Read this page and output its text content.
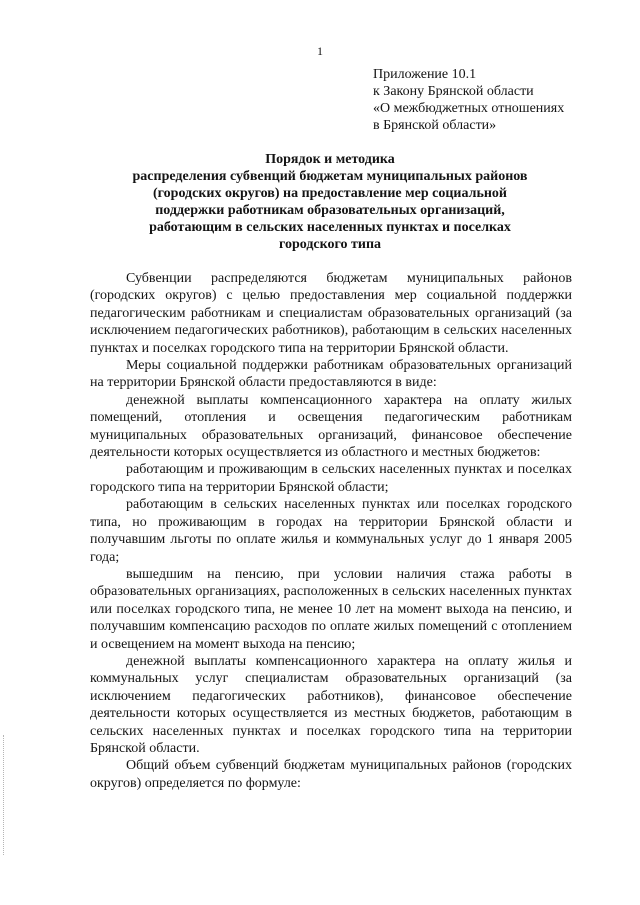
1
Приложение 10.1
к Закону Брянской области
«О межбюджетных отношениях
в Брянской области»
Порядок и методика
распределения субвенций бюджетам муниципальных районов
(городских округов) на предоставление мер социальной
поддержки работникам образовательных организаций,
работающим в сельских населенных пунктах и поселках
городского типа

Субвенции распределяются бюджетам муниципальных районов (городских округов) с целью предоставления мер социальной поддержки педагогическим работникам и специалистам образовательных организаций (за исключением педагогических работников), работающим в сельских населенных пунктах и поселках городского типа на территории Брянской области.

Меры социальной поддержки работникам образовательных организаций на территории Брянской области предоставляются в виде:

денежной выплаты компенсационного характера на оплату жилых помещений, отопления и освещения педагогическим работникам муниципальных образовательных организаций, финансовое обеспечение деятельности которых осуществляется из областного и местных бюджетов:

работающим и проживающим в сельских населенных пунктах и поселках городского типа на территории Брянской области;

работающим в сельских населенных пунктах или поселках городского типа, но проживающим в городах на территории Брянской области и получавшим льготы по оплате жилья и коммунальных услуг до 1 января 2005 года;

вышедшим на пенсию, при условии наличия стажа работы в образовательных организациях, расположенных в сельских населенных пунктах или поселках городского типа, не менее 10 лет на момент выхода на пенсию, и получавшим компенсацию расходов по оплате жилых помещений с отоплением и освещением на момент выхода на пенсию;

денежной выплаты компенсационного характера на оплату жилья и коммунальных услуг специалистам образовательных организаций (за исключением педагогических работников), финансовое обеспечение деятельности которых осуществляется из местных бюджетов, работающим в сельских населенных пунктах и поселках городского типа на территории Брянской области.

Общий объем субвенций бюджетам муниципальных районов (городских округов) определяется по формуле:
